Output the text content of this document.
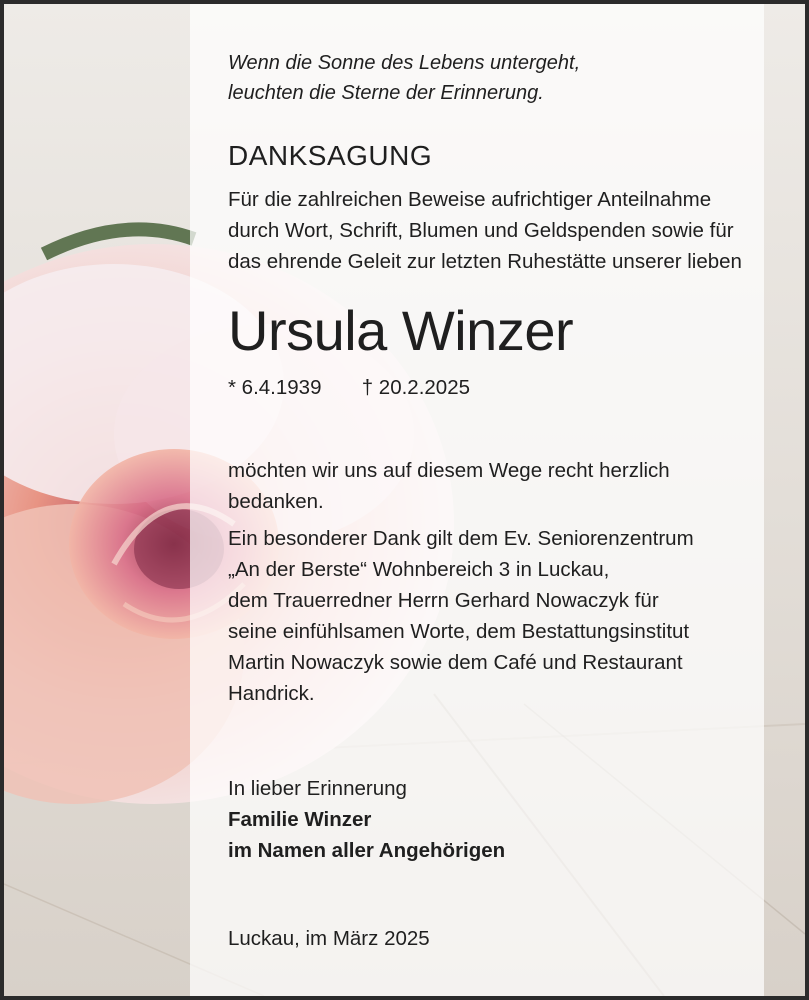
Wenn die Sonne des Lebens untergeht,

leuchten die Sterne der Erinnerung.

DANKSAGUNG

Für die zahlreichen Beweise aufrichtiger Anteilnahme

durch Wort, Schrift, Blumen und Geldspenden sowie für

das ehrende Geleit zur letzten Ruhestätte unserer lieben

Ursula Winzer
* 6.4.1939 † 20.2.2025

möchten wir uns auf diesem Wege recht herzlich

bedanken.

Ein besonderer Dank gilt dem Ev. Seniorenzentrum

„An der Berste“ Wohnbereich 3 in Luckau,

dem Trauerredner Herrn Gerhard Nowaczyk für

seine einfühlsamen Worte, dem Bestattungsinstitut

Martin Nowaczyk sowie dem Café und Restaurant

Handrick.

In lieber Erinnerung

Familie Winzer

im Namen aller Angehörigen

Luckau, im März 2025
